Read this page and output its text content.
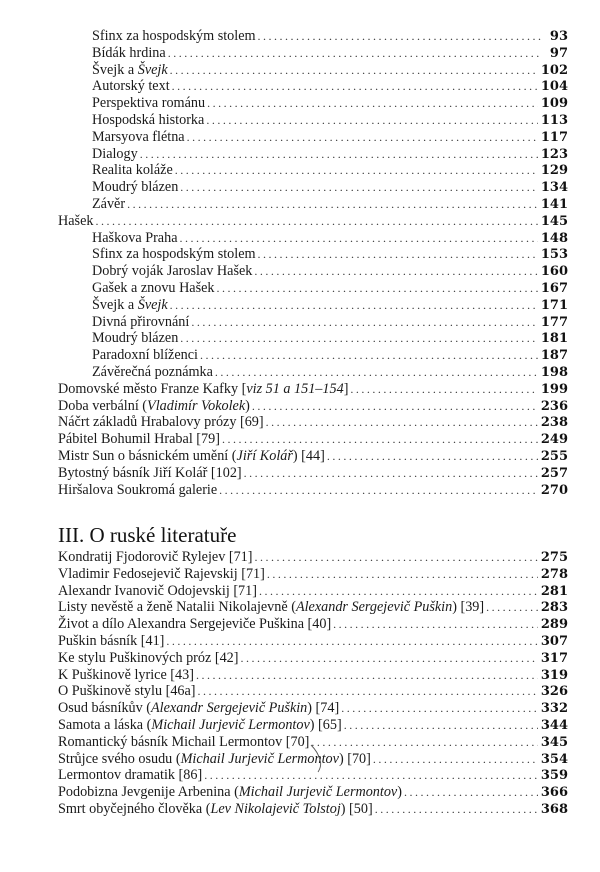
Sfinx za hospodským stolem . . .	93
Bídák hrdina . . .	97
Švejk a Švejk . . .	102
Autorský text . . .	104
Perspektiva románu . . .	109
Hospodská historka . . .	113
Marsyova flétna . . .	117
Dialogy . . .	123
Realita koláže . . .	129
Moudrý blázen . . .	134
Závěr . . .	141
Hašek . . .	145
Haškova Praha . . .	148
Sfinx za hospodským stolem . . .	153
Dobrý voják Jaroslav Hašek . . .	160
Gašek a znovu Hašek . . .	167
Švejk a Švejk . . .	171
Divná přirovnání . . .	177
Moudrý blázen . . .	181
Paradoxní blíženci . . .	187
Závěrečná poznámka . . .	198
Domovské město Franze Kafky [viz 51 a 151–154] . . .	199
Doba verbální (Vladimír Vokolek) . . .	236
Náčrt základů Hrabalovy prózy [69] . . .	238
Pábitel Bohumil Hrabal [79] . . .	249
Mistr Sun o básnickém umění (Jiří Kolář) [44] . . .	255
Bytostný básník Jiří Kolář [102] . . .	257
Hiršalova Soukromá galerie . . .	270
III. O ruské literatuře
Kondratij Fjodorovič Rylejev [71] . . .	275
Vladimir Fedosejevič Rajevskij [71] . . .	278
Alexandr Ivanovič Odojevskij [71] . . .	281
Listy nevěstě a ženě Natalii Nikolajevně (Alexandr Sergejevič Puškin) [39] . . .	283
Život a dílo Alexandra Sergejeviče Puškina [40] . . .	289
Puškin básník [41] . . .	307
Ke stylu Puškinových próz [42] . . .	317
K Puškinově lyrice [43] . . .	319
O Puškinově stylu [46a] . . .	326
Osud básníkův (Alexandr Sergejevič Puškin) [74] . . .	332
Samota a láska (Michail Jurjevič Lermontov) [65] . . .	344
Romantický básník Michail Lermontov [70] . . .	345
Strůjce svého osudu (Michail Jurjevič Lermontov) [70] . . .	354
Lermontov dramatik [86] . . .	359
Podobizna Jevgenije Arbenina (Michail Jurjevič Lermontov) . . .	366
Smrt obyčejného člověka (Lev Nikolajevič Tolstoj) [50] . . .	368
